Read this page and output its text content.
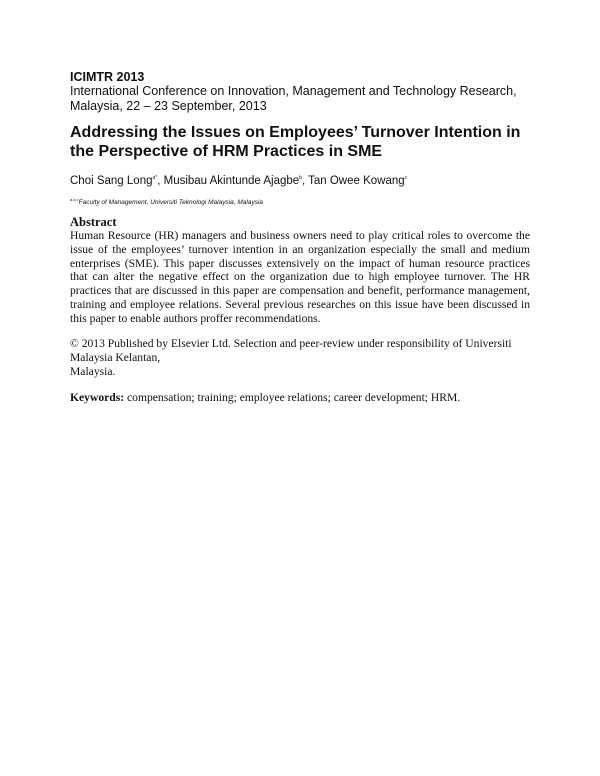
ICIMTR 2013
International Conference on Innovation, Management and Technology Research,
Malaysia, 22 – 23 September, 2013
Addressing the Issues on Employees’ Turnover Intention in the Perspective of HRM Practices in SME
Choi Sang Long$^{a*}$, Musibau Akintunde Ajagbe$^b$, Tan Owee Kowang$^c$
$^{a,b,c}$Faculty of Management, Universiti Teknologi Malaysia, Malaysia
Abstract

Human Resource (HR) managers and business owners need to play critical roles to overcome the issue of the employees’ turnover intention in an organization especially the small and medium enterprises (SME). This paper discusses extensively on the impact of human resource practices that can alter the negative effect on the organization due to high employee turnover. The HR practices that are discussed in this paper are compensation and benefit, performance management, training and employee relations. Several previous researches on this issue have been discussed in this paper to enable authors proffer recommendations.

© 2013 Published by Elsevier Ltd. Selection and peer-review under responsibility of Universiti
Malaysia Kelantan,
Malaysia.

Keywords: compensation; training; employee relations; career development; HRM.
